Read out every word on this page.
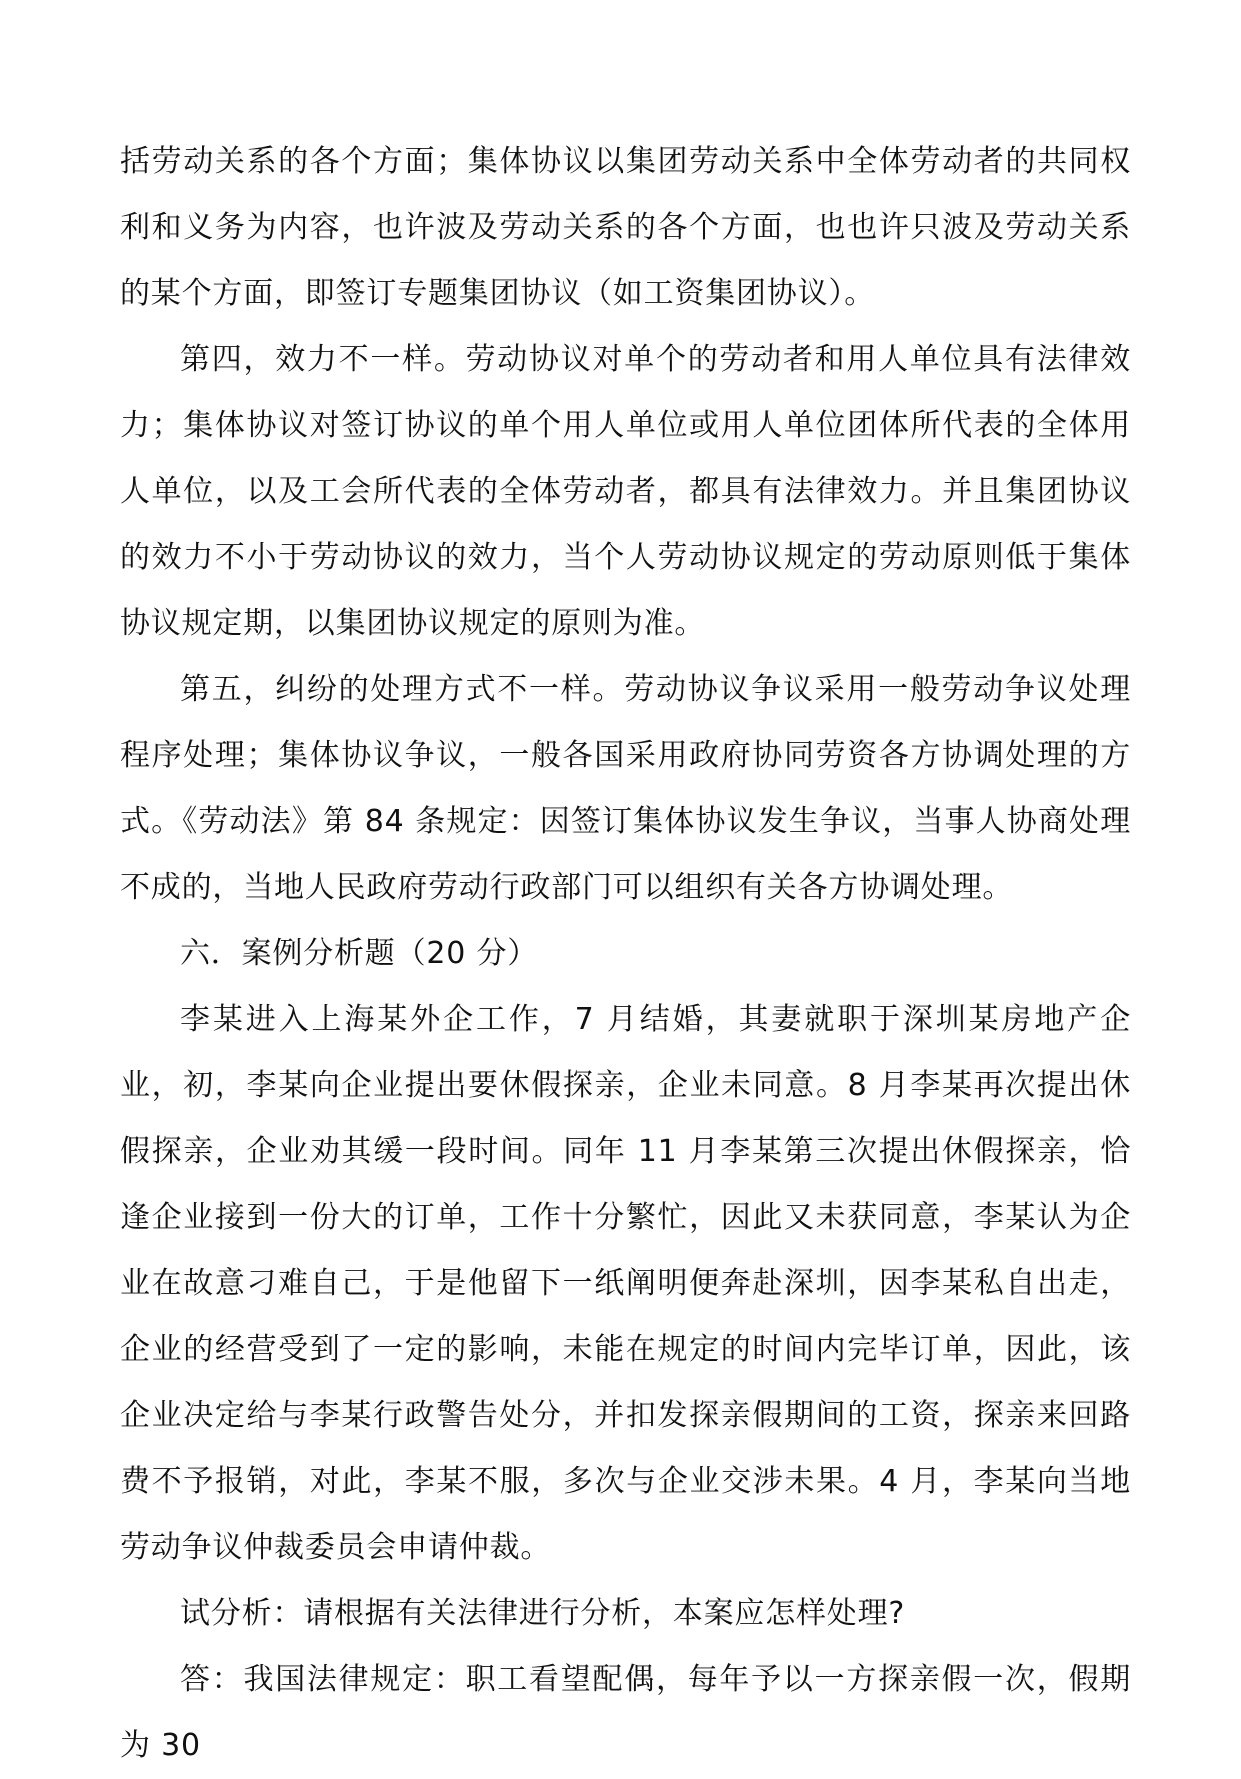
括劳动关系的各个方面；集体协议以集团劳动关系中全体劳动者的共同权利和义务为内容，也许波及劳动关系的各个方面，也也许只波及劳动关系的某个方面，即签订专题集团协议（如工资集团协议）。

第四，效力不一样。劳动协议对单个的劳动者和用人单位具有法律效力；集体协议对签订协议的单个用人单位或用人单位团体所代表的全体用人单位，以及工会所代表的全体劳动者，都具有法律效力。并且集团协议的效力不小于劳动协议的效力，当个人劳动协议规定的劳动原则低于集体协议规定期，以集团协议规定的原则为准。

第五，纠纷的处理方式不一样。劳动协议争议采用一般劳动争议处理程序处理；集体协议争议，一般各国采用政府协同劳资各方协调处理的方式。《劳动法》第 84 条规定：因签订集体协议发生争议，当事人协商处理不成的，当地人民政府劳动行政部门可以组织有关各方协调处理。

六．案例分析题（20 分）

李某进入上海某外企工作，7 月结婚，其妻就职于深圳某房地产企业，初，李某向企业提出要休假探亲，企业未同意。8 月李某再次提出休假探亲，企业劝其缓一段时间。同年 11 月李某第三次提出休假探亲，恰逢企业接到一份大的订单，工作十分繁忙，因此又未获同意，李某认为企业在故意刁难自己，于是他留下一纸阐明便奔赴深圳，因李某私自出走，企业的经营受到了一定的影响，未能在规定的时间内完毕订单，因此，该企业决定给与李某行政警告处分，并扣发探亲假期间的工资，探亲来回路费不予报销，对此，李某不服，多次与企业交涉未果。4 月，李某向当地劳动争议仲裁委员会申请仲裁。

试分析：请根据有关法律进行分析，本案应怎样处理?

答：我国法律规定：职工看望配偶，每年予以一方探亲假一次，假期为 30
